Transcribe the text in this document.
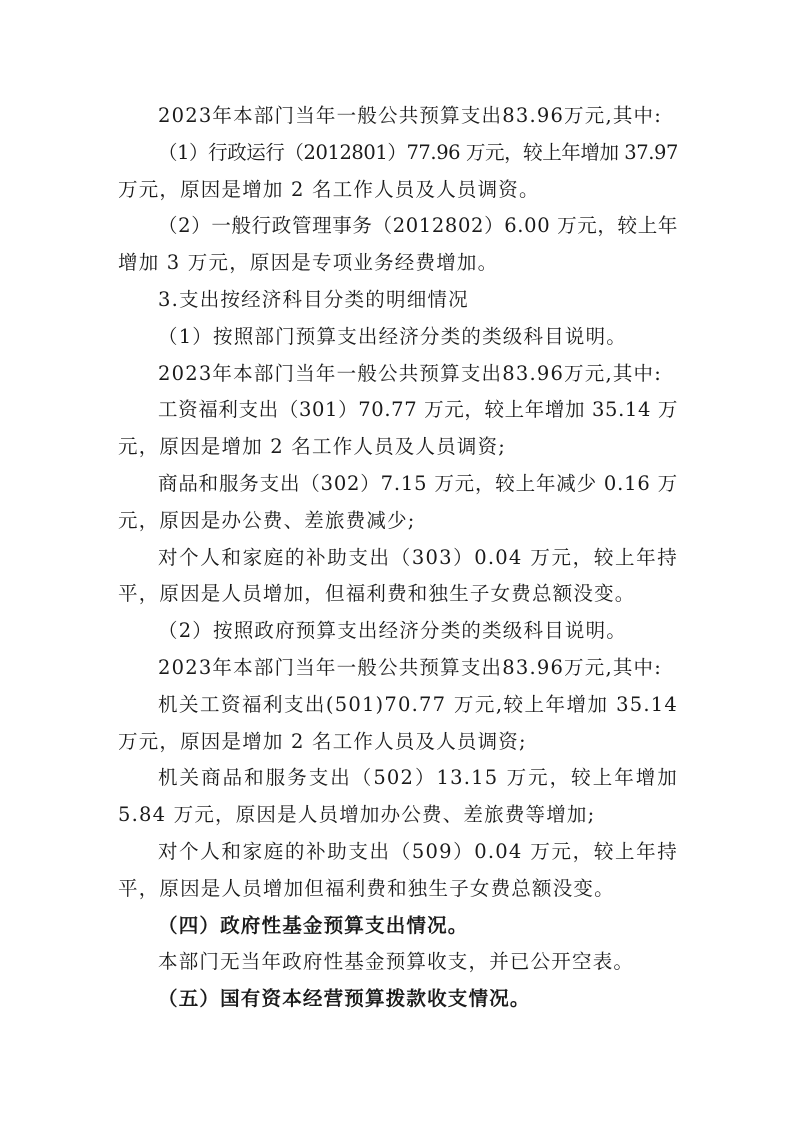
2023年本部门当年一般公共预算支出83.96万元,其中:
（1）行政运行（2012801）77.96 万元，较上年增加 37.97
万元，原因是增加 2 名工作人员及人员调资。
（2）一般行政管理事务（2012802）6.00 万元，较上年
增加 3 万元，原因是专项业务经费增加。
3.支出按经济科目分类的明细情况
（1）按照部门预算支出经济分类的类级科目说明。
2023年本部门当年一般公共预算支出83.96万元,其中:
工资福利支出（301）70.77 万元，较上年增加 35.14 万
元，原因是增加 2 名工作人员及人员调资;
商品和服务支出（302）7.15 万元，较上年减少 0.16 万
元，原因是办公费、差旅费减少;
对个人和家庭的补助支出（303）0.04 万元，较上年持
平，原因是人员增加，但福利费和独生子女费总额没变。
（2）按照政府预算支出经济分类的类级科目说明。
2023年本部门当年一般公共预算支出83.96万元,其中:
机关工资福利支出(501)70.77 万元,较上年增加 35.14
万元，原因是增加 2 名工作人员及人员调资;
机关商品和服务支出（502）13.15 万元，较上年增加
5.84 万元，原因是人员增加办公费、差旅费等增加;
对个人和家庭的补助支出（509）0.04 万元，较上年持
平，原因是人员增加但福利费和独生子女费总额没变。
（四）政府性基金预算支出情况。
本部门无当年政府性基金预算收支，并已公开空表。
（五）国有资本经营预算拨款收支情况。
